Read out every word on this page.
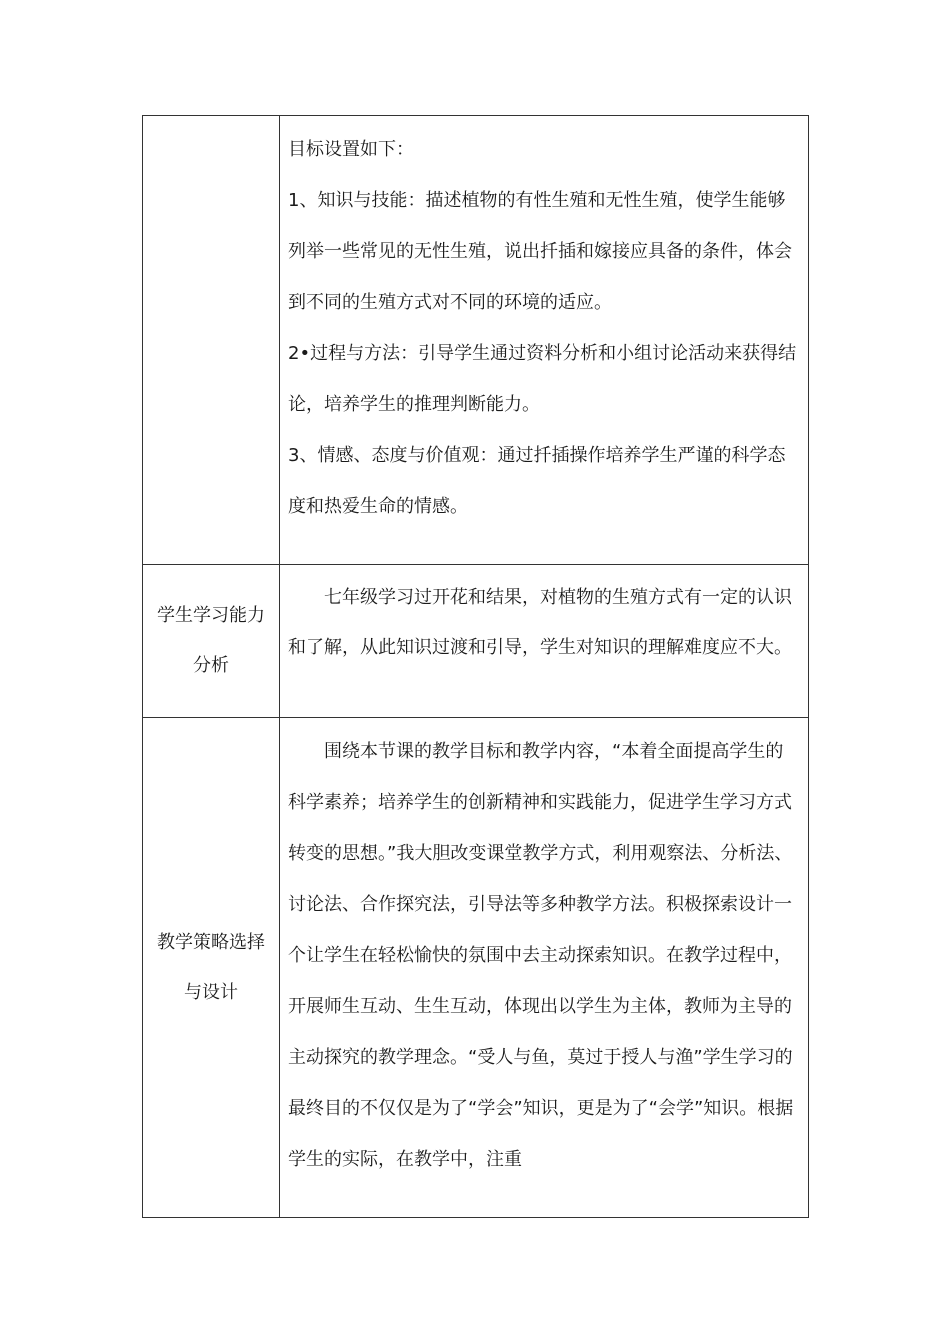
	目标设置如下：

1、知识与技能：描述植物的有性生殖和无性生殖，使学生能够列举一些常见的无性生殖，说出扦插和嫁接应具备的条件，体会到不同的生殖方式对不同的环境的适应。

2•过程与方法：引导学生通过资料分析和小组讨论活动来获得结论，培养学生的推理判断能力。

3、情感、态度与价值观：通过扦插操作培养学生严谨的科学态度和热爱生命的情感。

学生学习能力分析	七年级学习过开花和结果，对植物的生殖方式有一定的认识和了解，从此知识过渡和引导，学生对知识的理解难度应不大。

教学策略选择与设计	围绕本节课的教学目标和教学内容，“本着全面提高学生的科学素养；培养学生的创新精神和实践能力，促进学生学习方式转变的思想。”我大胆改变课堂教学方式，利用观察法、分析法、讨论法、合作探究法，引导法等多种教学方法。积极探索设计一个让学生在轻松愉快的氛围中去主动探索知识。在教学过程中，开展师生互动、生生互动，体现出以学生为主体，教师为主导的主动探究的教学理念。“受人与鱼，莫过于授人与渔”学生学习的最终目的不仅仅是为了“学会”知识，更是为了“会学”知识。根据学生的实际，在教学中，注重
